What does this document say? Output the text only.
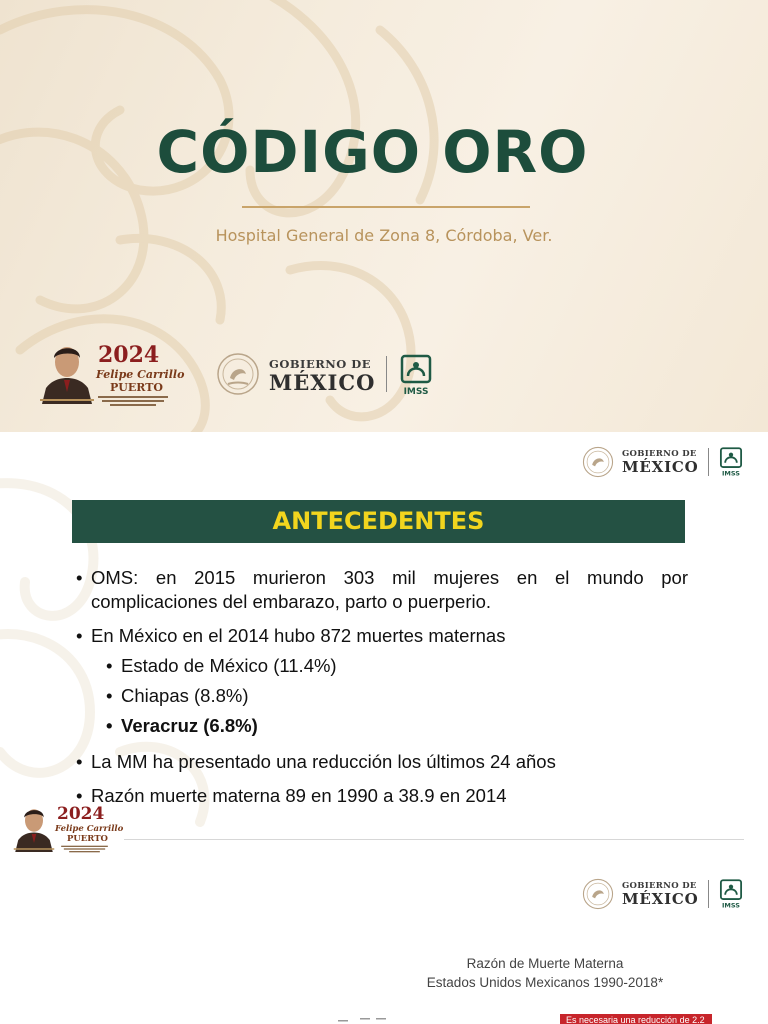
CÓDIGO ORO
Hospital General de Zona 8, Córdoba, Ver.
2024
Felipe Carrillo
PUERTO
GOBIERNO DE
MÉXICO	IMSS
GOBIERNO DE
MÉXICO	IMSS
ANTECEDENTES
• OMS: en 2015 murieron 303 mil mujeres en el mundo por complicaciones del embarazo, parto o puerperio.
• En México en el 2014 hubo 872 muertes maternas
• Estado de México (11.4%)
• Chiapas (8.8%)
• Veracruz (6.8%)
• La MM ha presentado una reducción los últimos 24 años
• Razón muerte materna 89 en 1990 a 38.9 en 2014
2024
Felipe Carrillo
PUERTO
GOBIERNO DE
MÉXICO	IMSS
Razón de Muerte Materna
Estados Unidos Mexicanos 1990-2018*
Es necesaria una reducción de 2.2
